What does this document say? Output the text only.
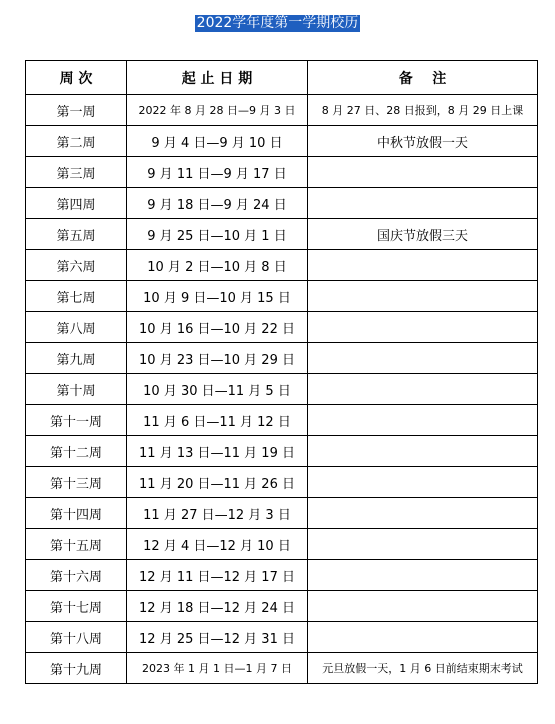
2022学年度第一学期校历
周 次	起 止 日 期	备    注
第一周	2022 年 8 月 28 日—9 月 3 日	8 月 27 日、28 日报到，8 月 29 日上课
第二周	9 月 4 日—9 月 10 日	中秋节放假一天
第三周	9 月 11 日—9 月 17 日	
第四周	9 月 18 日—9 月 24 日	
第五周	9 月 25 日—10 月 1 日	国庆节放假三天
第六周	10 月 2 日—10 月 8 日	
第七周	10 月 9 日—10 月 15 日	
第八周	10 月 16 日—10 月 22 日	
第九周	10 月 23 日—10 月 29 日	
第十周	10 月 30 日—11 月 5 日	
第十一周	11 月 6 日—11 月 12 日	
第十二周	11 月 13 日—11 月 19 日	
第十三周	11 月 20 日—11 月 26 日	
第十四周	11 月 27 日—12 月 3 日	
第十五周	12 月 4 日—12 月 10 日	
第十六周	12 月 11 日—12 月 17 日	
第十七周	12 月 18 日—12 月 24 日	
第十八周	12 月 25 日—12 月 31 日	
第十九周	2023 年 1 月 1 日—1 月 7 日	元旦放假一天，1 月 6 日前结束期末考试
